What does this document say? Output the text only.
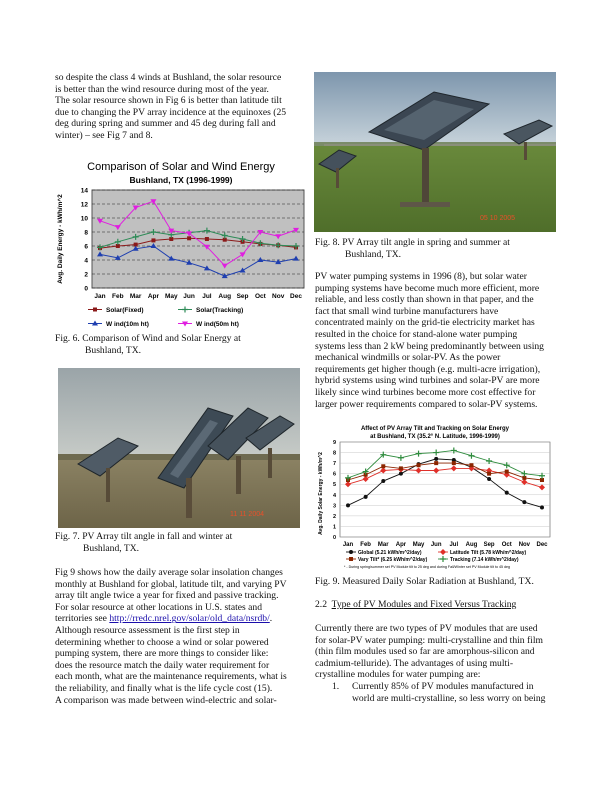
so despite the class 4 winds at Bushland, the solar resource
is better than the wind resource during most of the year.
The solar resource shown in Fig 6 is better than latitude tilt
due to changing the PV array incidence at the equinoxes (25
deg during spring and summer and 45 deg during fall and
winter) – see Fig 7 and 8.
Comparison of Solar and Wind Energy
Bushland, TX (1996-1999)
0
2
4
6
8
10
12
14
Jan Feb Mar Apr May Jun Jul Aug Sep Oct Nov Dec
Avg. Daily Energy - kWh/m^2
Solar(Fixed)	Solar(Tracking)
W ind(10m ht)	W ind(50m ht)
Fig. 6. Comparison of Wind and Solar Energy at
Bushland, TX.
11 11 2004
Fig. 7. PV Array tilt angle in fall and winter at
Bushland, TX.
Fig 9 shows how the daily average solar insolation changes
monthly at Bushland for global, latitude tilt, and varying PV
array tilt angle twice a year for fixed and passive tracking.
For solar resource at other locations in U.S. states and
territories see http://rredc.nrel.gov/solar/old_data/nsrdb/.
Although resource assessment is the first step in
determining whether to choose a wind or solar powered
pumping system, there are more things to consider like:
does the resource match the daily water requirement for
each month, what are the maintenance requirements, what is
the reliability, and finally what is the life cycle cost (15).
A comparison was made between wind-electric and solar-
05 10 2005
Fig. 8. PV Array tilt angle in spring and summer at
Bushland, TX.
PV water pumping systems in 1996 (8), but solar water
pumping systems have become much more efficient, more
reliable, and less costly than shown in that paper, and the
fact that small wind turbine manufacturers have
concentrated mainly on the grid-tie electricity market has
resulted in the choice for stand-alone water pumping
systems less than 2 kW being predominantly between using
mechanical windmills or solar-PV. As the power
requirements get higher though (e.g. multi-acre irrigation),
hybrid systems using wind turbines and solar-PV are more
likely since wind turbines become more cost effective for
larger power requirements compared to solar-PV systems.
Affect of PV Array Tilt and Tracking on Solar Energy
at Bushland, TX (35.2° N. Latitude, 1996-1999)
0
1
2
3
4
5
6
7
8
9
Jan Feb Mar Apr May Jun Jul Aug Sep Oct Nov Dec
Avg. Daily Solar Energy - kWh/m^2
Global (5.21 kWh/m^2/day)	Latitude Tilt (5.78 kWh/m^2/day)
Vary Tilt* (6.25 kWh/m^2/day)	Tracking (7.14 kWh/m^2/day)
* - During spring/summer set PV Module tilt to 25 deg and during Fall/Winter set PV Module tilt to 45 deg
Fig. 9. Measured Daily Solar Radiation at Bushland, TX.
2.2 Type of PV Modules and Fixed Versus Tracking
Currently there are two types of PV modules that are used
for solar-PV water pumping: multi-crystalline and thin film
(thin film modules used so far are amorphous-silicon and
cadmium-telluride). The advantages of using multi-
crystalline modules for water pumping are:
1. Currently 85% of PV modules manufactured in
world are multi-crystalline, so less worry on being
